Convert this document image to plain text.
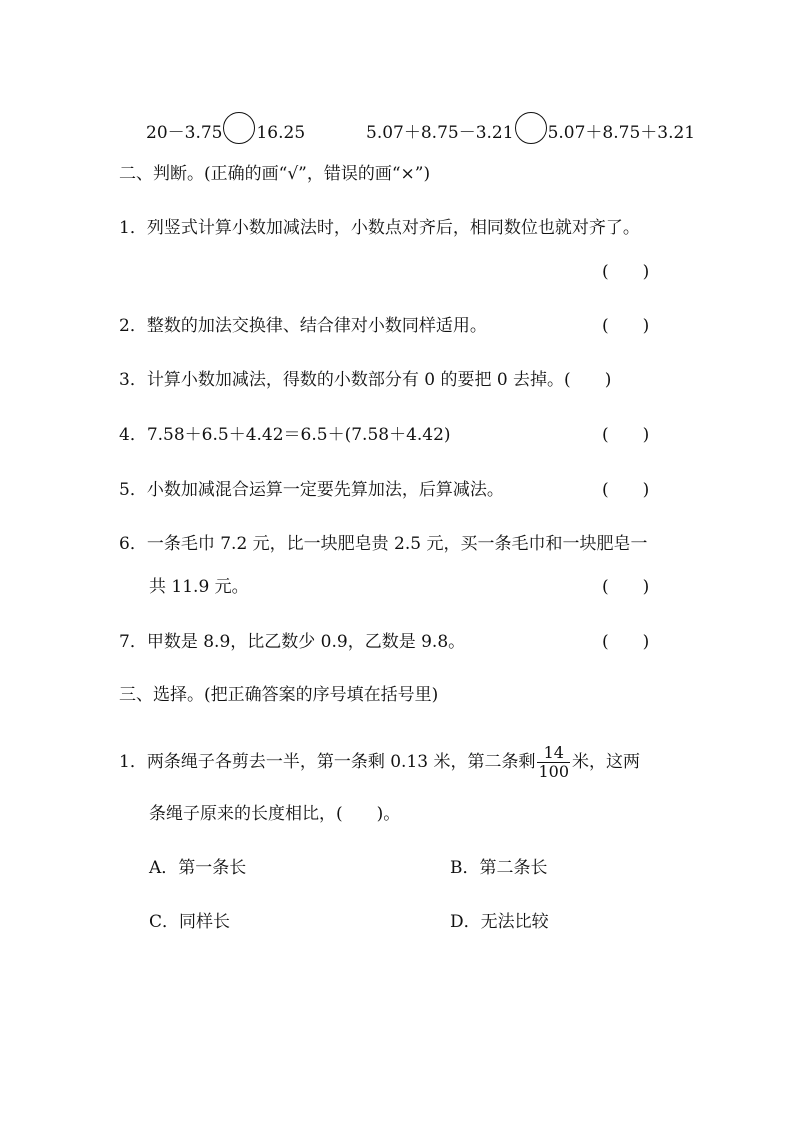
20－3.75 16.25	5.07＋8.75－3.21 5.07＋8.75＋3.21
二、判断。(正确的画“√”，错误的画“×”)
1．列竖式计算小数加减法时，小数点对齐后，相同数位也就对齐了。
(　　)
2．整数的加法交换律、结合律对小数同样适用。	(　　)
3．计算小数加减法，得数的小数部分有 0 的要把 0 去掉。(　　)
4．7.58＋6.5＋4.42＝6.5＋(7.58＋4.42)	(　　)
5．小数加减混合运算一定要先算加法，后算减法。	(　　)
6．一条毛巾 7.2 元，比一块肥皂贵 2.5 元，买一条毛巾和一块肥皂一
共 11.9 元。	(　　)
7．甲数是 8.9，比乙数少 0.9，乙数是 9.8。	(　　)
三、选择。(把正确答案的序号填在括号里)
1．两条绳子各剪去一半，第一条剩 0.13 米，第二条剩 $\frac{14}{100}$ 米，这两
条绳子原来的长度相比，(　　)。
A．第一条长	B．第二条长
C．同样长	D．无法比较
